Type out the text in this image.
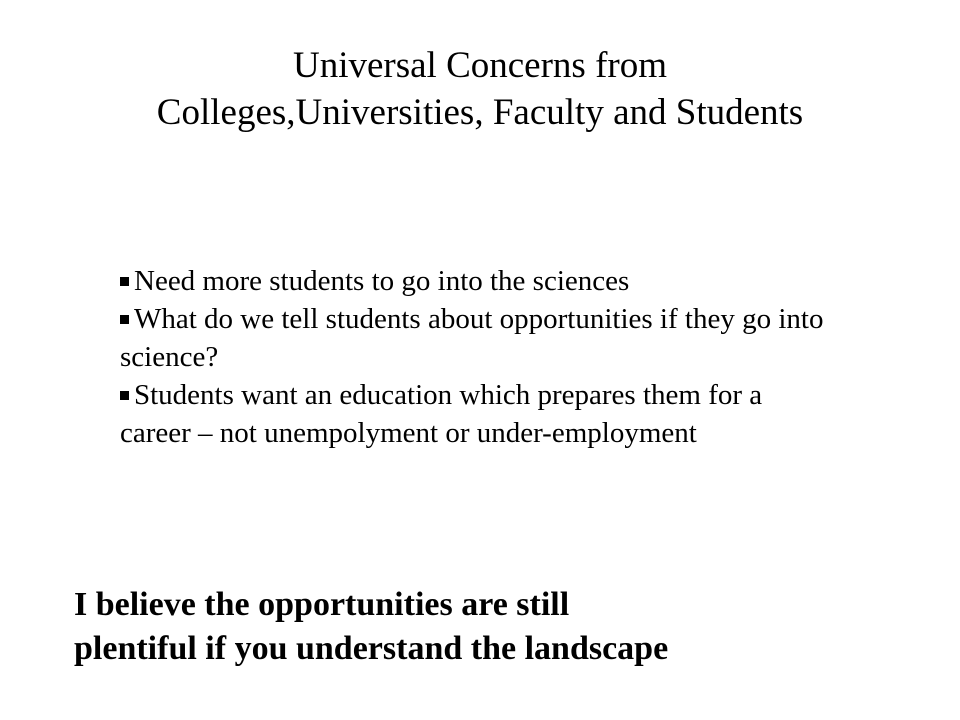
Universal Concerns from
Colleges,Universities, Faculty and Students
Need more students to go into the sciences
What do we tell students about opportunities if they go into science?
Students want an education which prepares them for a career – not unempolyment or under-employment
I believe the opportunities are still
plentiful if you understand the landscape
